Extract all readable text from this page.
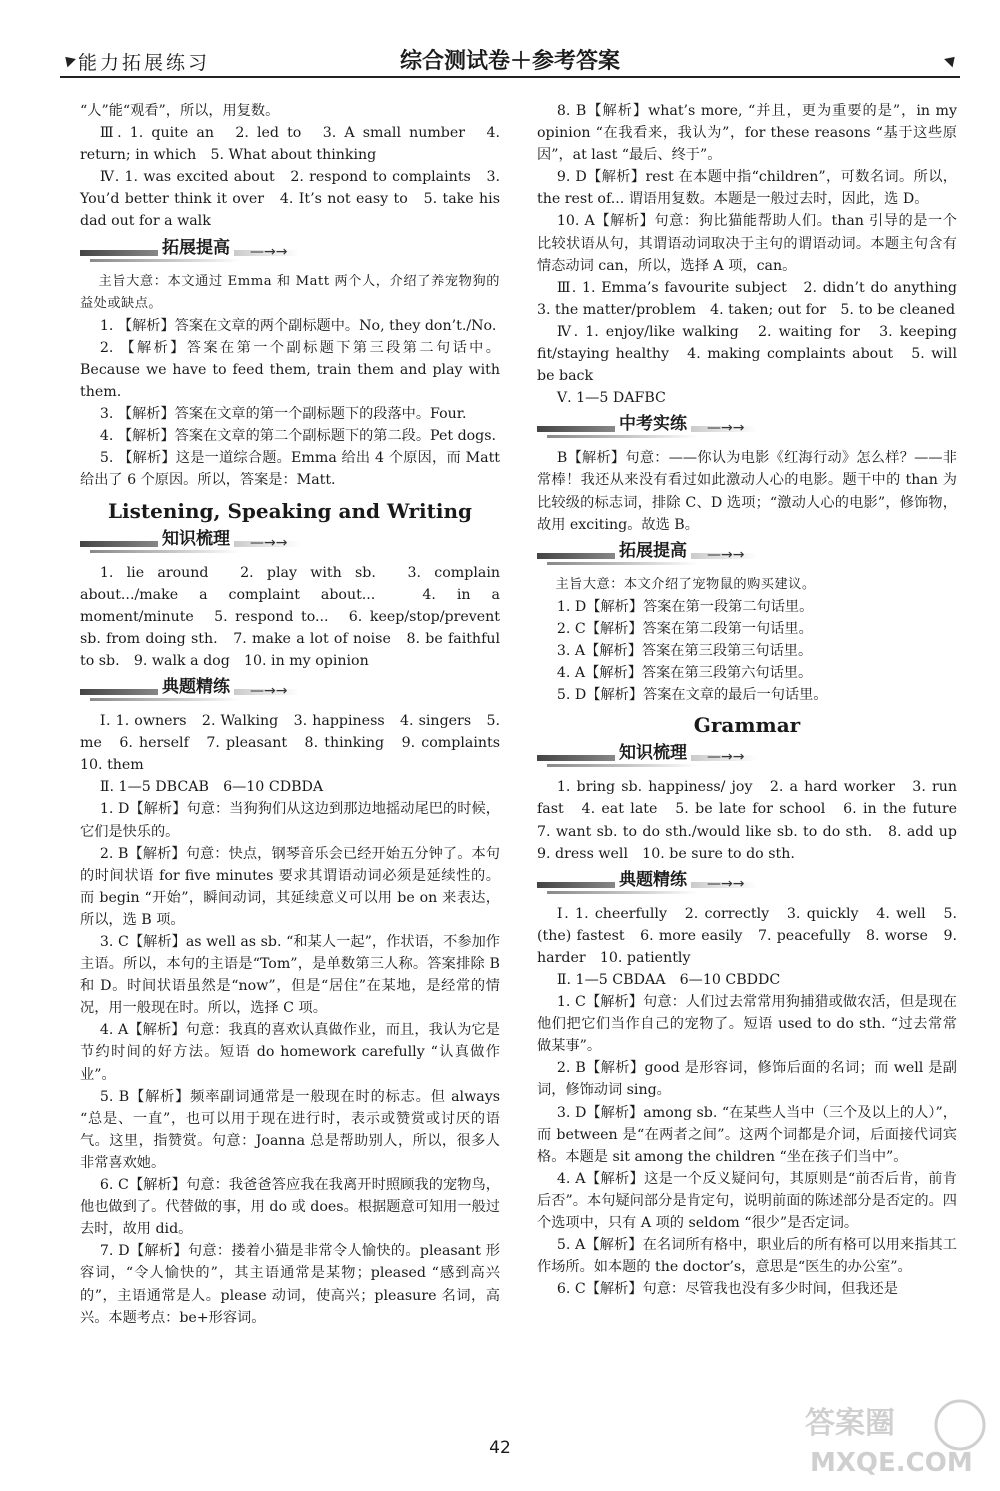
能力拓展练习	综合测试卷＋参考答案

“人”能“观看”，所以，用复数。

Ⅲ. 1. quite an　2. led to　3. A small number　4. return; in which　5. What about thinking

Ⅳ. 1. was excited about　2. respond to complaints　3. You’d better think it over　4. It’s not easy to　5. take his dad out for a walk

拓展提高 —→→

主旨大意：本文通过 Emma 和 Matt 两个人，介绍了养宠物狗的益处或缺点。

1. 【解析】答案在文章的两个副标题中。No, they don’t./No.

2. 【解析】答案在第一个副标题下第三段第二句话中。Because we have to feed them, train them and play with them.

3. 【解析】答案在文章的第一个副标题下的段落中。Four.

4. 【解析】答案在文章的第二个副标题下的第二段。Pet dogs.

5. 【解析】这是一道综合题。Emma 给出 4 个原因，而 Matt 给出了 6 个原因。所以，答案是：Matt.

Listening, Speaking and Writing

知识梳理 —→→

1. lie around　2. play with sb.　3. complain about.../make a complaint about...　4. in a moment/minute　5. respond to...　6. keep/stop/prevent sb. from doing sth.　7. make a lot of noise　8. be faithful to sb.　9. walk a dog　10. in my opinion

典题精练 —→→

Ⅰ. 1. owners　2. Walking　3. happiness　4. singers　5. me　6. herself　7. pleasant　8. thinking　9. complaints　10. them

Ⅱ. 1—5 DBCAB　6—10 CDBDA

1. D【解析】句意：当狗狗们从这边到那边地摇动尾巴的时候，它们是快乐的。

2. B【解析】句意：快点，钢琴音乐会已经开始五分钟了。本句的时间状语 for five minutes 要求其谓语动词必须是延续性的。而 begin “开始”，瞬间动词，其延续意义可以用 be on 来表达，所以，选 B 项。

3. C【解析】as well as sb. “和某人一起”，作状语，不参加作主语。所以，本句的主语是“Tom”，是单数第三人称。答案排除 B 和 D。时间状语虽然是“now”，但是“居住”在某地，是经常的情况，用一般现在时。所以，选择 C 项。

4. A【解析】句意：我真的喜欢认真做作业，而且，我认为它是节约时间的好方法。短语 do homework carefully “认真做作业”。

5. B【解析】频率副词通常是一般现在时的标志。但 always “总是、一直”，也可以用于现在进行时，表示或赞赏或讨厌的语气。这里，指赞赏。句意：Joanna 总是帮助别人，所以，很多人非常喜欢她。

6. C【解析】句意：我爸爸答应我在我离开时照顾我的宠物鸟，他也做到了。代替做的事，用 do 或 does。根据题意可知用一般过去时，故用 did。

7. D【解析】句意：搂着小猫是非常令人愉快的。pleasant 形容词，“令人愉快的”，其主语通常是某物；pleased “感到高兴的”，主语通常是人。please 动词，使高兴；pleasure 名词，高兴。本题考点：be+形容词。

8. B【解析】what’s more, “并且，更为重要的是”，in my opinion “在我看来，我认为”，for these reasons “基于这些原因”，at last “最后、终于”。

9. D【解析】rest 在本题中指“children”，可数名词。所以，the rest of... 谓语用复数。本题是一般过去时，因此，选 D。

10. A【解析】句意：狗比猫能帮助人们。than 引导的是一个比较状语从句，其谓语动词取决于主句的谓语动词。本题主句含有情态动词 can，所以，选择 A 项，can。

Ⅲ. 1. Emma’s favourite subject　2. didn’t do anything　3. the matter/problem　4. taken; out for　5. to be cleaned

Ⅳ. 1. enjoy/like walking　2. waiting for　3. keeping fit/staying healthy　4. making complaints about　5. will be back

Ⅴ. 1—5 DAFBC

中考实练 —→→

B【解析】句意：——你认为电影《红海行动》怎么样？——非常棒！我还从来没有看过如此激动人心的电影。题干中的 than 为比较级的标志词，排除 C、D 选项；“激动人心的电影”，修饰物，故用 exciting。故选 B。

拓展提高 —→→

主旨大意：本文介绍了宠物鼠的购买建议。

1. D【解析】答案在第一段第二句话里。

2. C【解析】答案在第二段第一句话里。

3. A【解析】答案在第三段第三句话里。

4. A【解析】答案在第三段第六句话里。

5. D【解析】答案在文章的最后一句话里。

Grammar

知识梳理 —→→

1. bring sb. happiness/ joy　2. a hard worker　3. run fast　4. eat late　5. be late for school　6. in the future　7. want sb. to do sth./would like sb. to do sth.　8. add up　9. dress well　10. be sure to do sth.

典题精练 —→→

Ⅰ. 1. cheerfully　2. correctly　3. quickly　4. well　5. (the) fastest　6. more easily　7. peacefully　8. worse　9. harder　10. patiently

Ⅱ. 1—5 CBDAA　6—10 CBDDC

1. C【解析】句意：人们过去常常用狗捕猎或做农活，但是现在他们把它们当作自己的宠物了。短语 used to do sth. “过去常常做某事”。

2. B【解析】good 是形容词，修饰后面的名词；而 well 是副词，修饰动词 sing。

3. D【解析】among sb. “在某些人当中（三个及以上的人）”，而 between 是“在两者之间”。这两个词都是介词，后面接代词宾格。本题是 sit among the children “坐在孩子们当中”。

4. A【解析】这是一个反义疑问句，其原则是“前否后肯，前肯后否”。本句疑问部分是肯定句，说明前面的陈述部分是否定的。四个选项中，只有 A 项的 seldom “很少”是否定词。

5. A【解析】在名词所有格中，职业后的所有格可以用来指其工作场所。如本题的 the doctor’s，意思是“医生的办公室”。

6. C【解析】句意：尽管我也没有多少时间，但我还是

42
答案圈
MXQE.COM
